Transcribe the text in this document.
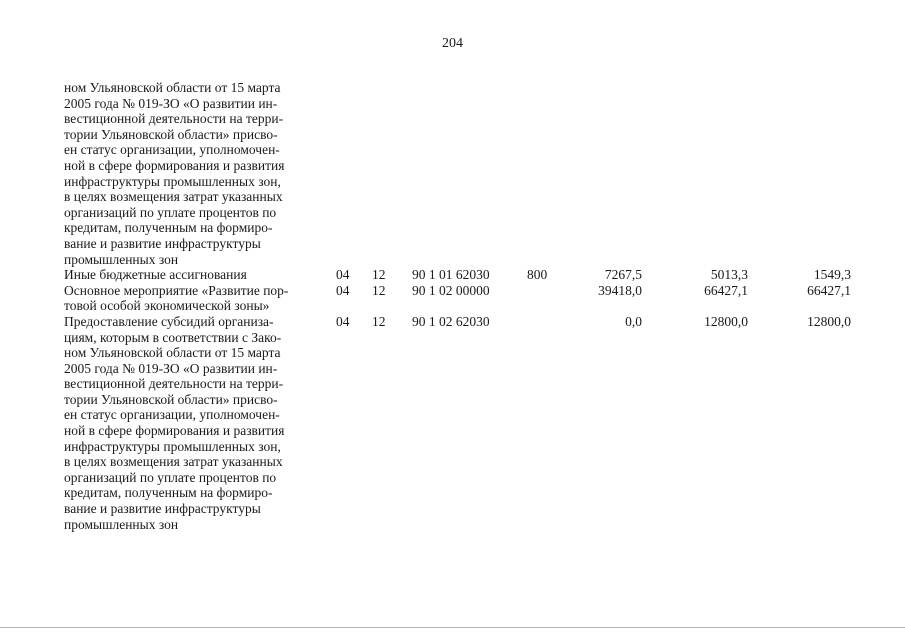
204
ном Ульяновской области от 15 марта
2005 года № 019-ЗО «О развитии ин-
вестиционной деятельности на терри-
тории Ульяновской области» присво-
ен статус организации, уполномочен-
ной в сфере формирования и развития
инфраструктуры промышленных зон,
в целях возмещения затрат указанных
организаций по уплате процентов по
кредитам, полученным на формиро-
вание и развитие инфраструктуры
промышленных зон
Иные бюджетные ассигнования	04	12	90 1 01 62030	800	7267,5	5013,3	1549,3
Основное мероприятие «Развитие пор-
товой особой экономической зоны»
04	12	90 1 02 00000	39418,0	66427,1	66427,1
Предоставление субсидий организа-
циям, которым в соответствии с Зако-
ном Ульяновской области от 15 марта
2005 года № 019-ЗО «О развитии ин-
вестиционной деятельности на терри-
тории Ульяновской области» присво-
ен статус организации, уполномочен-
ной в сфере формирования и развития
инфраструктуры промышленных зон,
в целях возмещения затрат указанных
организаций по уплате процентов по
кредитам, полученным на формиро-
вание и развитие инфраструктуры
промышленных зон
04	12	90 1 02 62030	0,0	12800,0	12800,0
